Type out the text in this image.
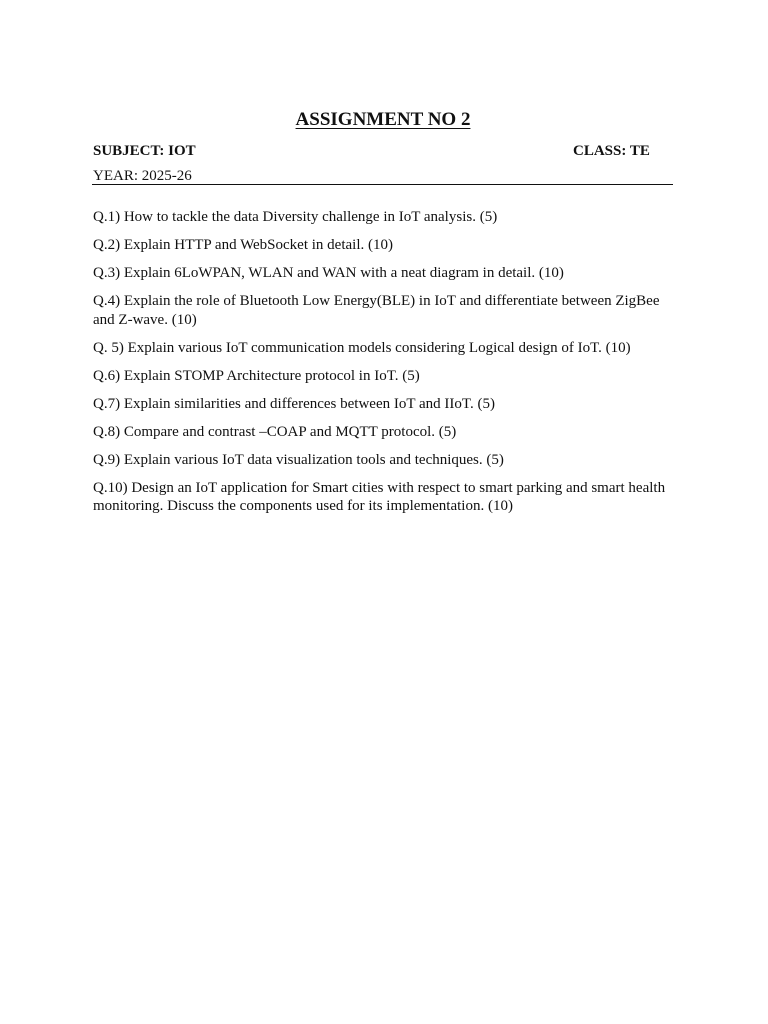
ASSIGNMENT NO 2
SUBJECT: IOT	CLASS: TE
YEAR: 2025-26
Q.1) How to tackle the data Diversity challenge in IoT analysis. (5)
Q.2) Explain HTTP and WebSocket in detail. (10)
Q.3) Explain 6LoWPAN, WLAN and WAN with a neat diagram in detail. (10)
Q.4) Explain the role of Bluetooth Low Energy(BLE) in IoT and differentiate between ZigBee and Z-wave. (10)
Q. 5) Explain various IoT communication models considering Logical design of IoT. (10)
Q.6) Explain STOMP Architecture protocol in IoT. (5)
Q.7) Explain similarities and differences between IoT and IIoT. (5)
Q.8) Compare and contrast –COAP and MQTT protocol. (5)
Q.9) Explain various IoT data visualization tools and techniques. (5)
Q.10) Design an IoT application for Smart cities with respect to smart parking and smart health monitoring. Discuss the components used for its implementation. (10)
